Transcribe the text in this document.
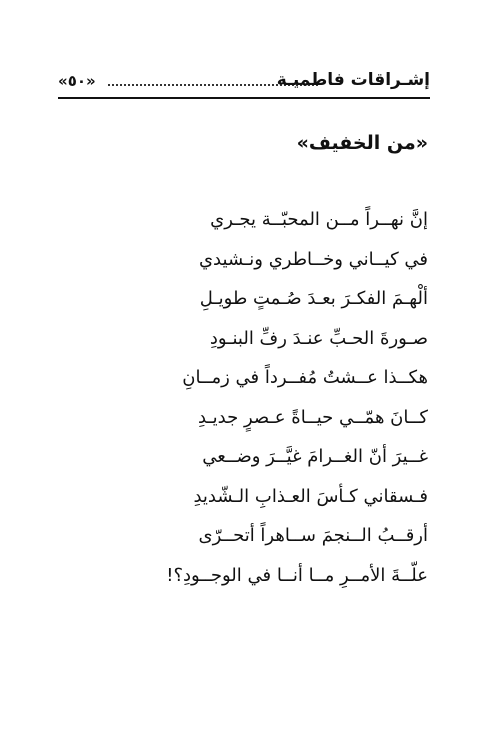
«٥٠»	إشـراقات فاطميـة
«من الخفيف»
إنَّ نهــراً مــن المحبّــة يجـري
في كيــاني وخــاطري ونـشيدي
ألْهـمَ الفكـرَ بعـدَ صُـمتٍ طويـلِ
صـورةَ الحـبِّ عنـدَ رفِّ البنـودِ
هكــذا عــشتُ مُفــرداً في زمــانِ
كــانَ همّــي حيــاةً عـصرٍ جديـدِ
غــيرَ أنّ الغــرامَ غيَّــرَ وضــعي
فـسقاني كـأسَ العـذابِ الـشّديدِ
أرقــبُ الــنجمَ ســاهراً أتحــرّى
علّــةَ الأمــرِ مــا أنــا في الوجــودِ؟!
